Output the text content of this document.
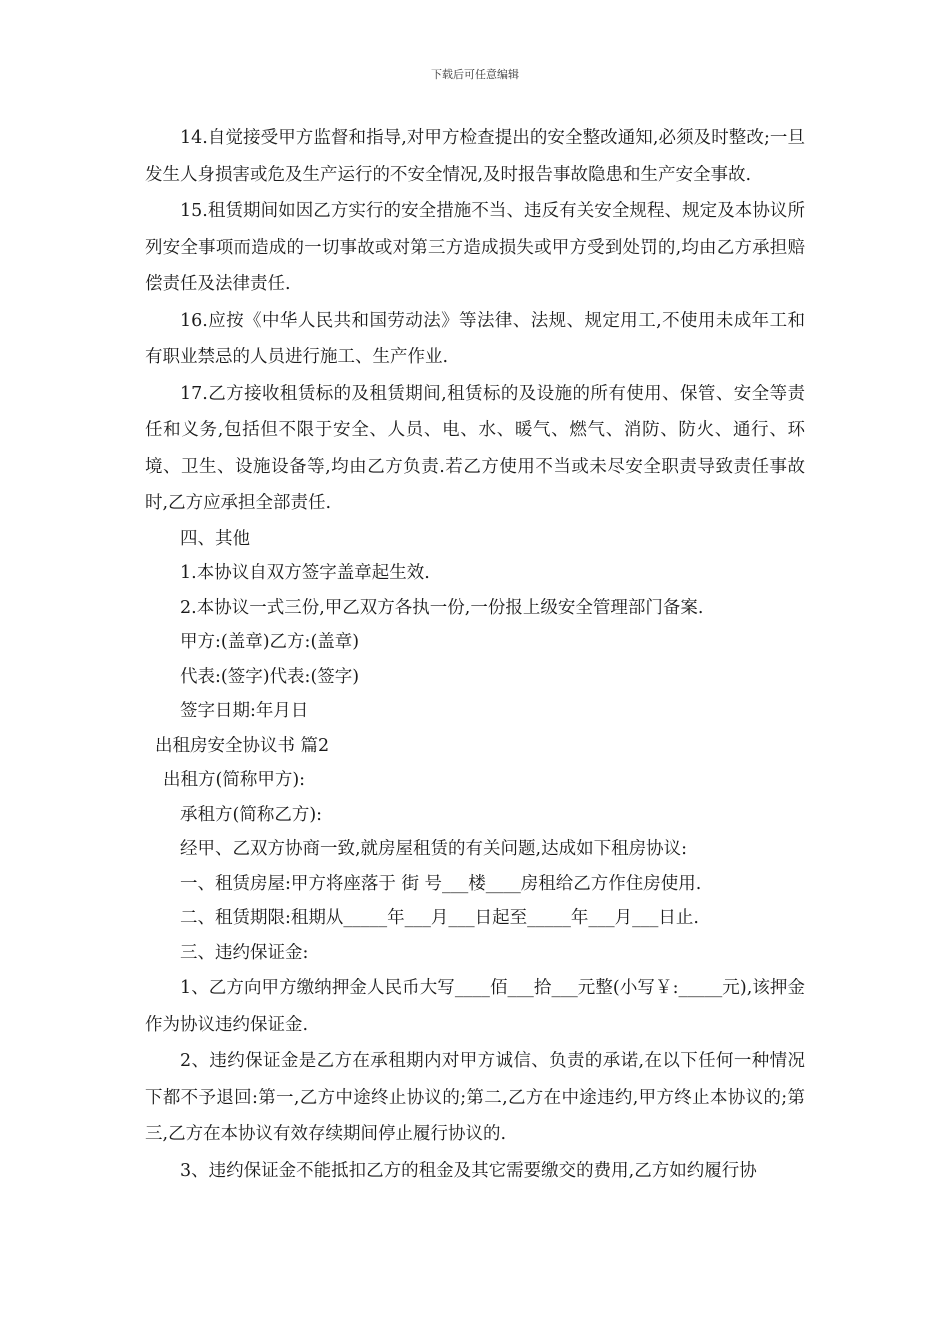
下载后可任意编辑

14.自觉接受甲方监督和指导,对甲方检查提出的安全整改通知,必须及时整改;一旦发生人身损害或危及生产运行的不安全情况,及时报告事故隐患和生产安全事故.

15.租赁期间如因乙方实行的安全措施不当、违反有关安全规程、规定及本协议所列安全事项而造成的一切事故或对第三方造成损失或甲方受到处罚的,均由乙方承担赔偿责任及法律责任.

16.应按《中华人民共和国劳动法》等法律、法规、规定用工,不使用未成年工和有职业禁忌的人员进行施工、生产作业.

17.乙方接收租赁标的及租赁期间,租赁标的及设施的所有使用、保管、安全等责任和义务,包括但不限于安全、人员、电、水、暖气、燃气、消防、防火、通行、环境、卫生、设施设备等,均由乙方负责.若乙方使用不当或未尽安全职责导致责任事故时,乙方应承担全部责任.

四、其他

1.本协议自双方签字盖章起生效.

2.本协议一式三份,甲乙双方各执一份,一份报上级安全管理部门备案.

甲方:(盖章)乙方:(盖章)

代表:(签字)代表:(签字)

签字日期:年月日

出租房安全协议书 篇2

出租方(简称甲方):

承租方(简称乙方):

经甲、乙双方协商一致,就房屋租赁的有关问题,达成如下租房协议:

一、租赁房屋:甲方将座落于 街 号___楼____房租给乙方作住房使用.

二、租赁期限:租期从_____年___月___日起至_____年___月___日止.

三、违约保证金:

1、乙方向甲方缴纳押金人民币大写____佰___拾___元整(小写￥:_____元),该押金作为协议违约保证金.

2、违约保证金是乙方在承租期内对甲方诚信、负责的承诺,在以下任何一种情况下都不予退回:第一,乙方中途终止协议的;第二,乙方在中途违约,甲方终止本协议的;第三,乙方在本协议有效存续期间停止履行协议的.

3、违约保证金不能抵扣乙方的租金及其它需要缴交的费用,乙方如约履行协
